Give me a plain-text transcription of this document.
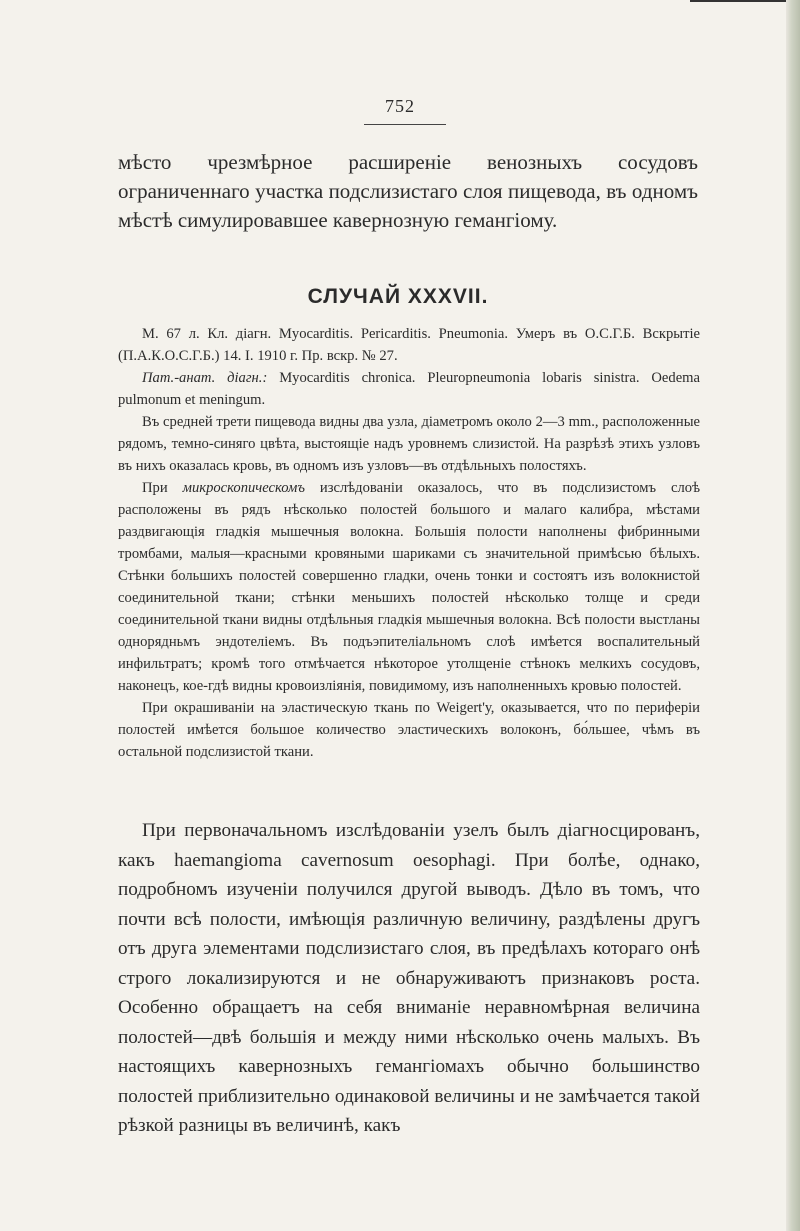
752

мѣсто чрезмѣрное расширеніе венозныхъ сосудовъ ограниченнаго участка подслизистаго слоя пищевода, въ одномъ мѣстѣ симулировавшее кавернозную гемангіому.

СЛУЧАЙ XXXVII.

М. 67 л. Кл. діагн. Myocarditis. Pericarditis. Pneumonia. Умеръ въ О.С.Г.Б. Вскрытіе (П.А.К.О.С.Г.Б.) 14. I. 1910 г. Пр. вскр. № 27.

Пат.-анат. діагн.: Myocarditis chronica. Pleuropneumonia lobaris sinistra. Oedema pulmonum et meningum.

Въ средней трети пищевода видны два узла, діаметромъ около 2—3 mm., расположенные рядомъ, темно-синяго цвѣта, выстоящіе надъ уровнемъ слизистой. На разрѣзѣ этихъ узловъ въ нихъ оказалась кровь, въ одномъ изъ узловъ—въ отдѣльныхъ полостяхъ.

При микроскопическомъ изслѣдованіи оказалось, что въ подслизистомъ слоѣ расположены въ рядъ нѣсколько полостей большого и малаго калибра, мѣстами раздвигающія гладкія мышечныя волокна. Большія полости наполнены фибринными тромбами, малыя—красными кровяными шариками съ значительной примѣсью бѣлыхъ. Стѣнки большихъ полостей совершенно гладки, очень тонки и состоятъ изъ волокнистой соединительной ткани; стѣнки меньшихъ полостей нѣсколько толще и среди соединительной ткани видны отдѣльныя гладкія мышечныя волокна. Всѣ полости выстланы однорядньмъ эндотеліемъ. Въ подъэпителіальномъ слоѣ имѣется воспалительный инфильтратъ; кромѣ того отмѣчается нѣкоторое утолщеніе стѣнокъ мелкихъ сосудовъ, наконецъ, кое-гдѣ видны кровоизліянія, повидимому, изъ наполненныхъ кровью полостей.

При окрашиваніи на эластическую ткань по Weigert'у, оказывается, что по периферіи полостей имѣется большое количество эластическихъ волоконъ, бо́льшее, чѣмъ въ остальной подслизистой ткани.

При первоначальномъ изслѣдованіи узелъ былъ діагносцированъ, какъ haemangioma cavernosum oesophagi. При болѣе, однако, подробномъ изученіи получился другой выводъ. Дѣло въ томъ, что почти всѣ полости, имѣющія различную величину, раздѣлены другъ отъ друга элементами подслизистаго слоя, въ предѣлахъ котораго онѣ строго локализируются и не обнаруживаютъ признаковъ роста. Особенно обращаетъ на себя вниманіе неравномѣрная величина полостей—двѣ большія и между ними нѣсколько очень малыхъ. Въ настоящихъ кавернозныхъ гемангіомахъ обычно большинство полостей приблизительно одинаковой величины и не замѣчается такой рѣзкой разницы въ величинѣ, какъ
